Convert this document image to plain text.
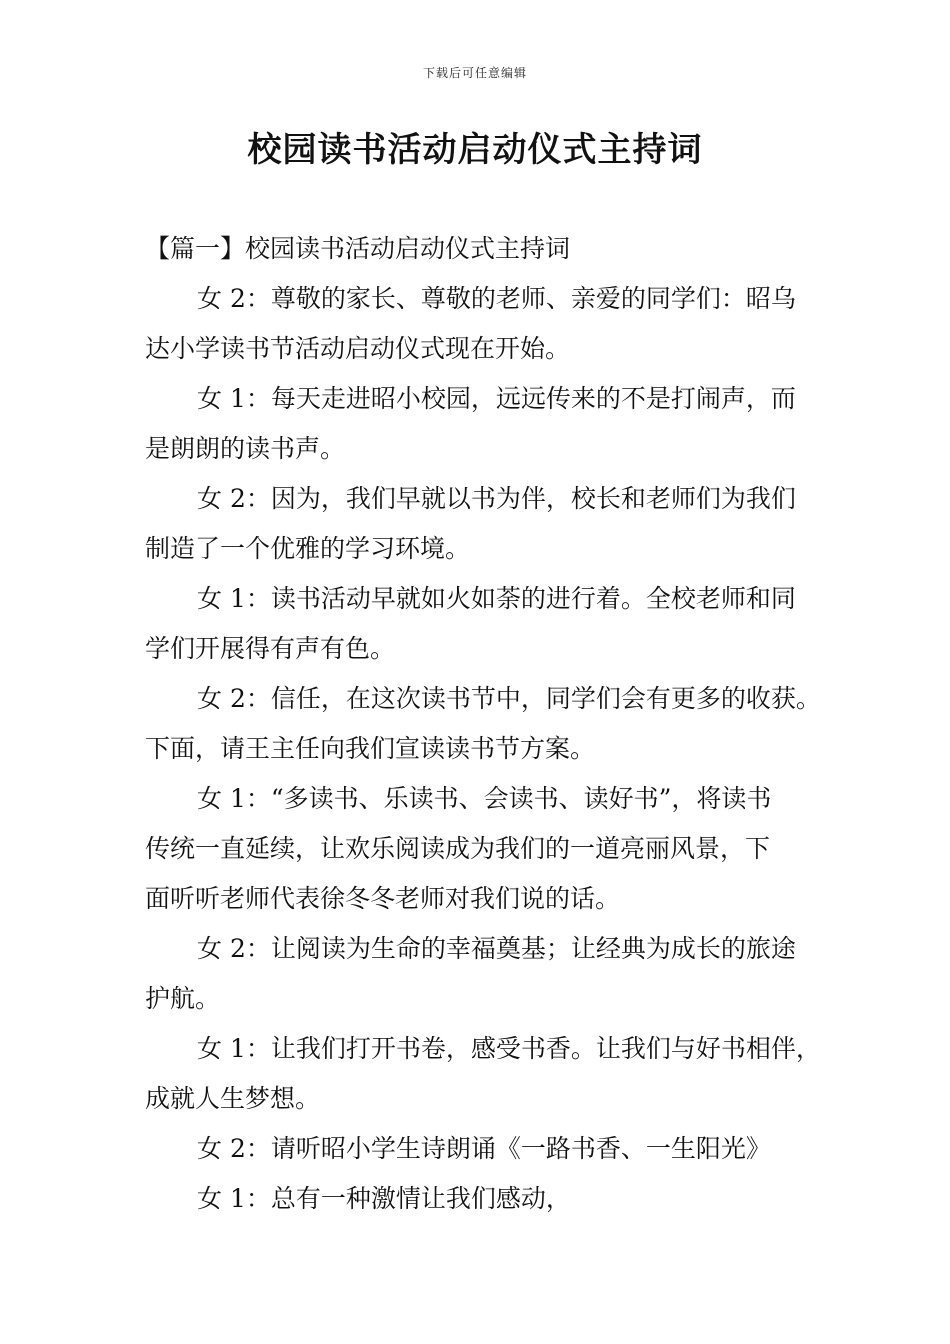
下载后可任意编辑
校园读书活动启动仪式主持词
【篇一】校园读书活动启动仪式主持词
女 2：尊敬的家长、尊敬的老师、亲爱的同学们：昭乌
达小学读书节活动启动仪式现在开始。
女 1：每天走进昭小校园，远远传来的不是打闹声，而
是朗朗的读书声。
女 2：因为，我们早就以书为伴，校长和老师们为我们
制造了一个优雅的学习环境。
女 1：读书活动早就如火如荼的进行着。全校老师和同
学们开展得有声有色。
女 2：信任，在这次读书节中，同学们会有更多的收获。
下面，请王主任向我们宣读读书节方案。
女 1：“多读书、乐读书、会读书、读好书”，将读书
传统一直延续，让欢乐阅读成为我们的一道亮丽风景，下
面听听老师代表徐冬冬老师对我们说的话。
女 2：让阅读为生命的幸福奠基；让经典为成长的旅途
护航。
女 1：让我们打开书卷，感受书香。让我们与好书相伴，
成就人生梦想。
女 2：请听昭小学生诗朗诵《一路书香、一生阳光》
女 1：总有一种激情让我们感动，
